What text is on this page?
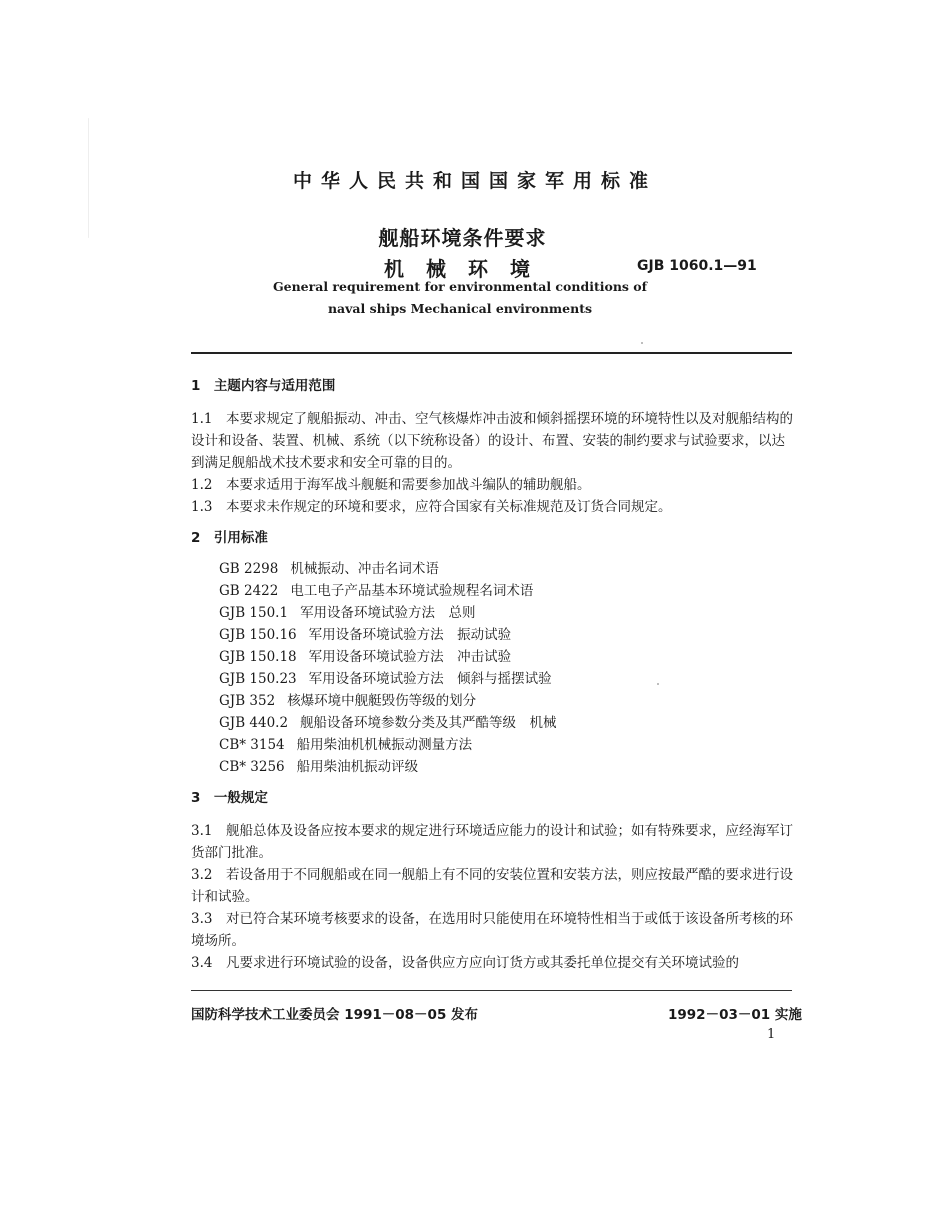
中华人民共和国国家军用标准
舰船环境条件要求
机械环境	GJB 1060.1—91
General requirement for environmental conditions of
naval ships Mechanical environments

1　主题内容与适用范围

1.1　本要求规定了舰船振动、冲击、空气核爆炸冲击波和倾斜摇摆环境的环境特性以及对舰船结构的设计和设备、装置、机械、系统（以下统称设备）的设计、布置、安装的制约要求与试验要求，以达到满足舰船战术技术要求和安全可靠的目的。

1.2　本要求适用于海军战斗舰艇和需要参加战斗编队的辅助舰船。

1.3　本要求未作规定的环境和要求，应符合国家有关标准规范及订货合同规定。

2　引用标准

GB 2298 机械振动、冲击名词术语
GB 2422 电工电子产品基本环境试验规程名词术语
GJB 150.1 军用设备环境试验方法　总则
GJB 150.16 军用设备环境试验方法　振动试验
GJB 150.18 军用设备环境试验方法　冲击试验
GJB 150.23 军用设备环境试验方法　倾斜与摇摆试验
GJB 352 核爆环境中舰艇毁伤等级的划分
GJB 440.2 舰船设备环境参数分类及其严酷等级　机械
CB* 3154 船用柴油机机械振动测量方法
CB* 3256 船用柴油机振动评级

3　一般规定

3.1　舰船总体及设备应按本要求的规定进行环境适应能力的设计和试验；如有特殊要求，应经海军订货部门批准。

3.2　若设备用于不同舰船或在同一舰船上有不同的安装位置和安装方法，则应按最严酷的要求进行设计和试验。

3.3　对已符合某环境考核要求的设备，在选用时只能使用在环境特性相当于或低于该设备所考核的环境场所。

3.4　凡要求进行环境试验的设备，设备供应方应向订货方或其委托单位提交有关环境试验的

国防科学技术工业委员会 1991－08－05 发布	1992－03－01 实施
1
